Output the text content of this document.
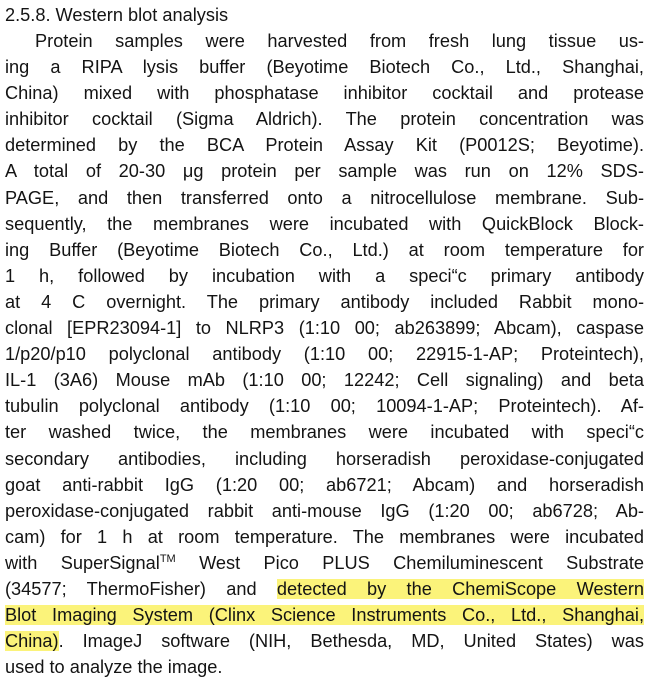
2.5.8. Western blot analysis
Protein samples were harvested from fresh lung tissue us-
ing a RIPA lysis buffer (Beyotime Biotech Co., Ltd., Shanghai,
China) mixed with phosphatase inhibitor cocktail and protease
inhibitor cocktail (Sigma Aldrich). The protein concentration was
determined by the BCA Protein Assay Kit (P0012S; Beyotime).
A total of 20-30 μg protein per sample was run on 12% SDS-
PAGE, and then transferred onto a nitrocellulose membrane. Sub-
sequently, the membranes were incubated with QuickBlock Block-
ing Buffer (Beyotime Biotech Co., Ltd.) at room temperature for
1 h, followed by incubation with a speci“c primary antibody
at 4 C overnight. The primary antibody included Rabbit mono-
clonal [EPR23094-1] to NLRP3 (1:10 00; ab263899; Abcam), caspase
1/p20/p10 polyclonal antibody (1:10 00; 22915-1-AP; Proteintech),
IL-1 (3A6) Mouse mAb (1:10 00; 12242; Cell signaling) and beta
tubulin polyclonal antibody (1:10 00; 10094-1-AP; Proteintech). Af-
ter washed twice, the membranes were incubated with speci“c
secondary antibodies, including horseradish peroxidase-conjugated
goat anti-rabbit IgG (1:20 00; ab6721; Abcam) and horseradish
peroxidase-conjugated rabbit anti-mouse IgG (1:20 00; ab6728; Ab-
cam) for 1 h at room temperature. The membranes were incubated
with SuperSignal™ West Pico PLUS Chemiluminescent Substrate
(34577; ThermoFisher) and detected by the ChemiScope Western
Blot Imaging System (Clinx Science Instruments Co., Ltd., Shanghai,
China). ImageJ software (NIH, Bethesda, MD, United States) was
used to analyze the image.
